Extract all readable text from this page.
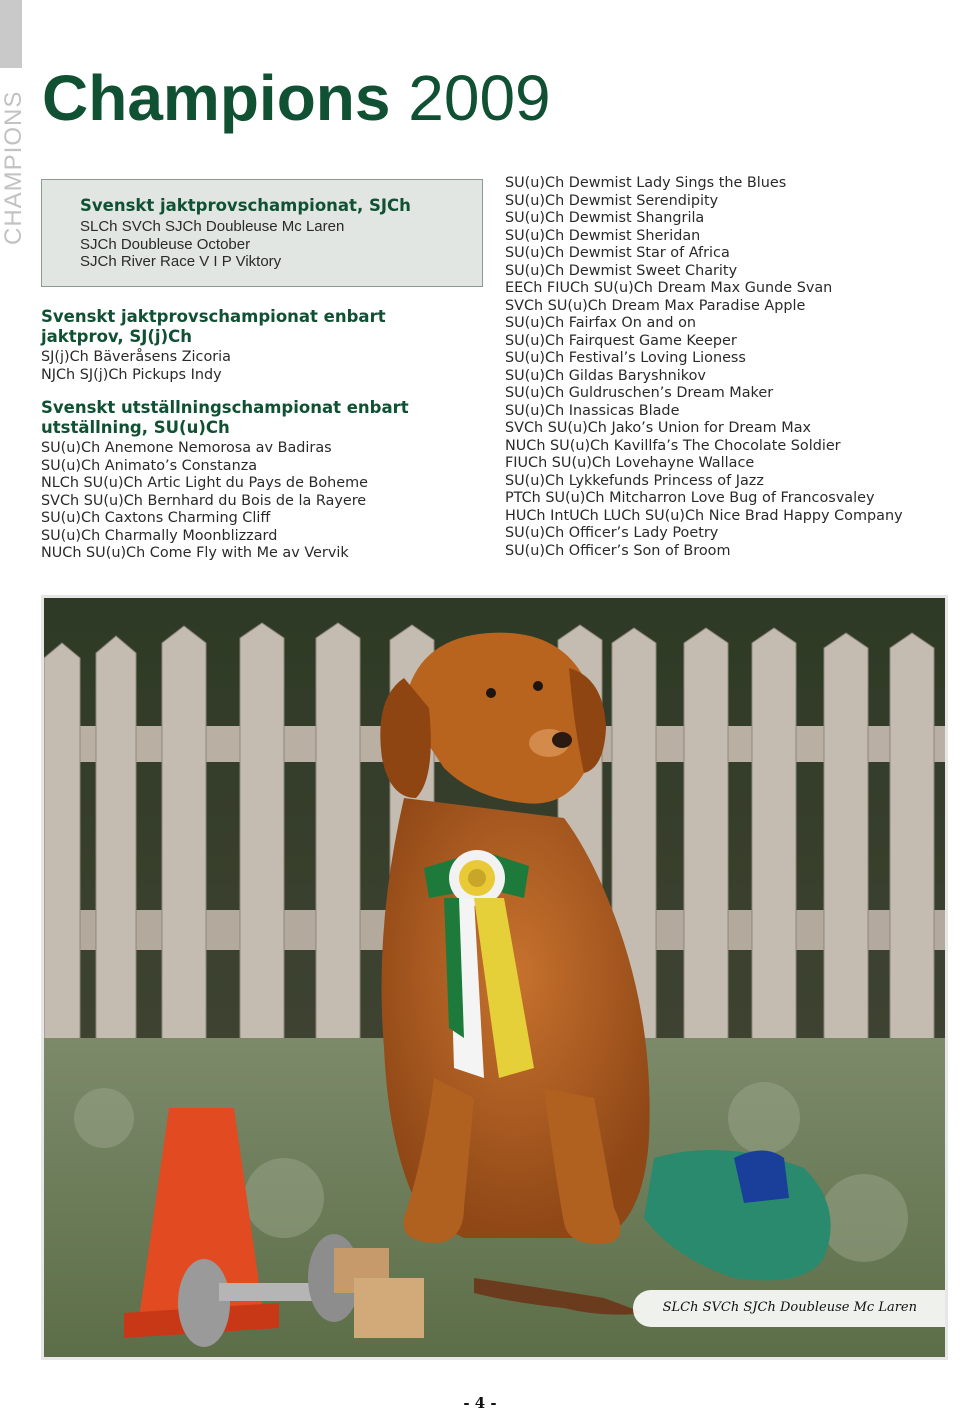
CHAMPIONS Champions 2009

Svenskt jaktprovschampionat, SJCh

SLCh SVCh SJCh Doubleuse Mc Laren
SJCh Doubleuse October
SJCh River Race V I P Viktory

Svenskt jaktprovschampionat enbart
jaktprov, SJ(j)Ch

SJ(j)Ch Bäveråsens Zicoria
NJCh SJ(j)Ch Pickups Indy

Svenskt utställningschampionat enbart
utställning, SU(u)Ch

SU(u)Ch Anemone Nemorosa av Badiras
SU(u)Ch Animato’s Constanza
NLCh SU(u)Ch Artic Light du Pays de Boheme
SVCh SU(u)Ch Bernhard du Bois de la Rayere
SU(u)Ch Caxtons Charming Cliff
SU(u)Ch Charmally Moonblizzard
NUCh SU(u)Ch Come Fly with Me av Vervik
SU(u)Ch Dewmist Lady Sings the Blues
SU(u)Ch Dewmist Serendipity
SU(u)Ch Dewmist Shangrila
SU(u)Ch Dewmist Sheridan
SU(u)Ch Dewmist Star of Africa
SU(u)Ch Dewmist Sweet Charity
EECh FIUCh SU(u)Ch Dream Max Gunde Svan
SVCh SU(u)Ch Dream Max Paradise Apple
SU(u)Ch Fairfax On and on
SU(u)Ch Fairquest Game Keeper
SU(u)Ch Festival’s Loving Lioness
SU(u)Ch Gildas Baryshnikov
SU(u)Ch Guldruschen’s Dream Maker
SU(u)Ch Inassicas Blade
SVCh SU(u)Ch Jako’s Union for Dream Max
NUCh SU(u)Ch Kavillfa’s The Chocolate Soldier
FIUCh SU(u)Ch Lovehayne Wallace
SU(u)Ch Lykkefunds Princess of Jazz
PTCh SU(u)Ch Mitcharron Love Bug of Francosvaley
HUCh IntUCh LUCh SU(u)Ch Nice Brad Happy Company
SU(u)Ch Officer’s Lady Poetry
SU(u)Ch Officer’s Son of Broom
SLCh SVCh SJCh Doubleuse Mc Laren
- 4 -
